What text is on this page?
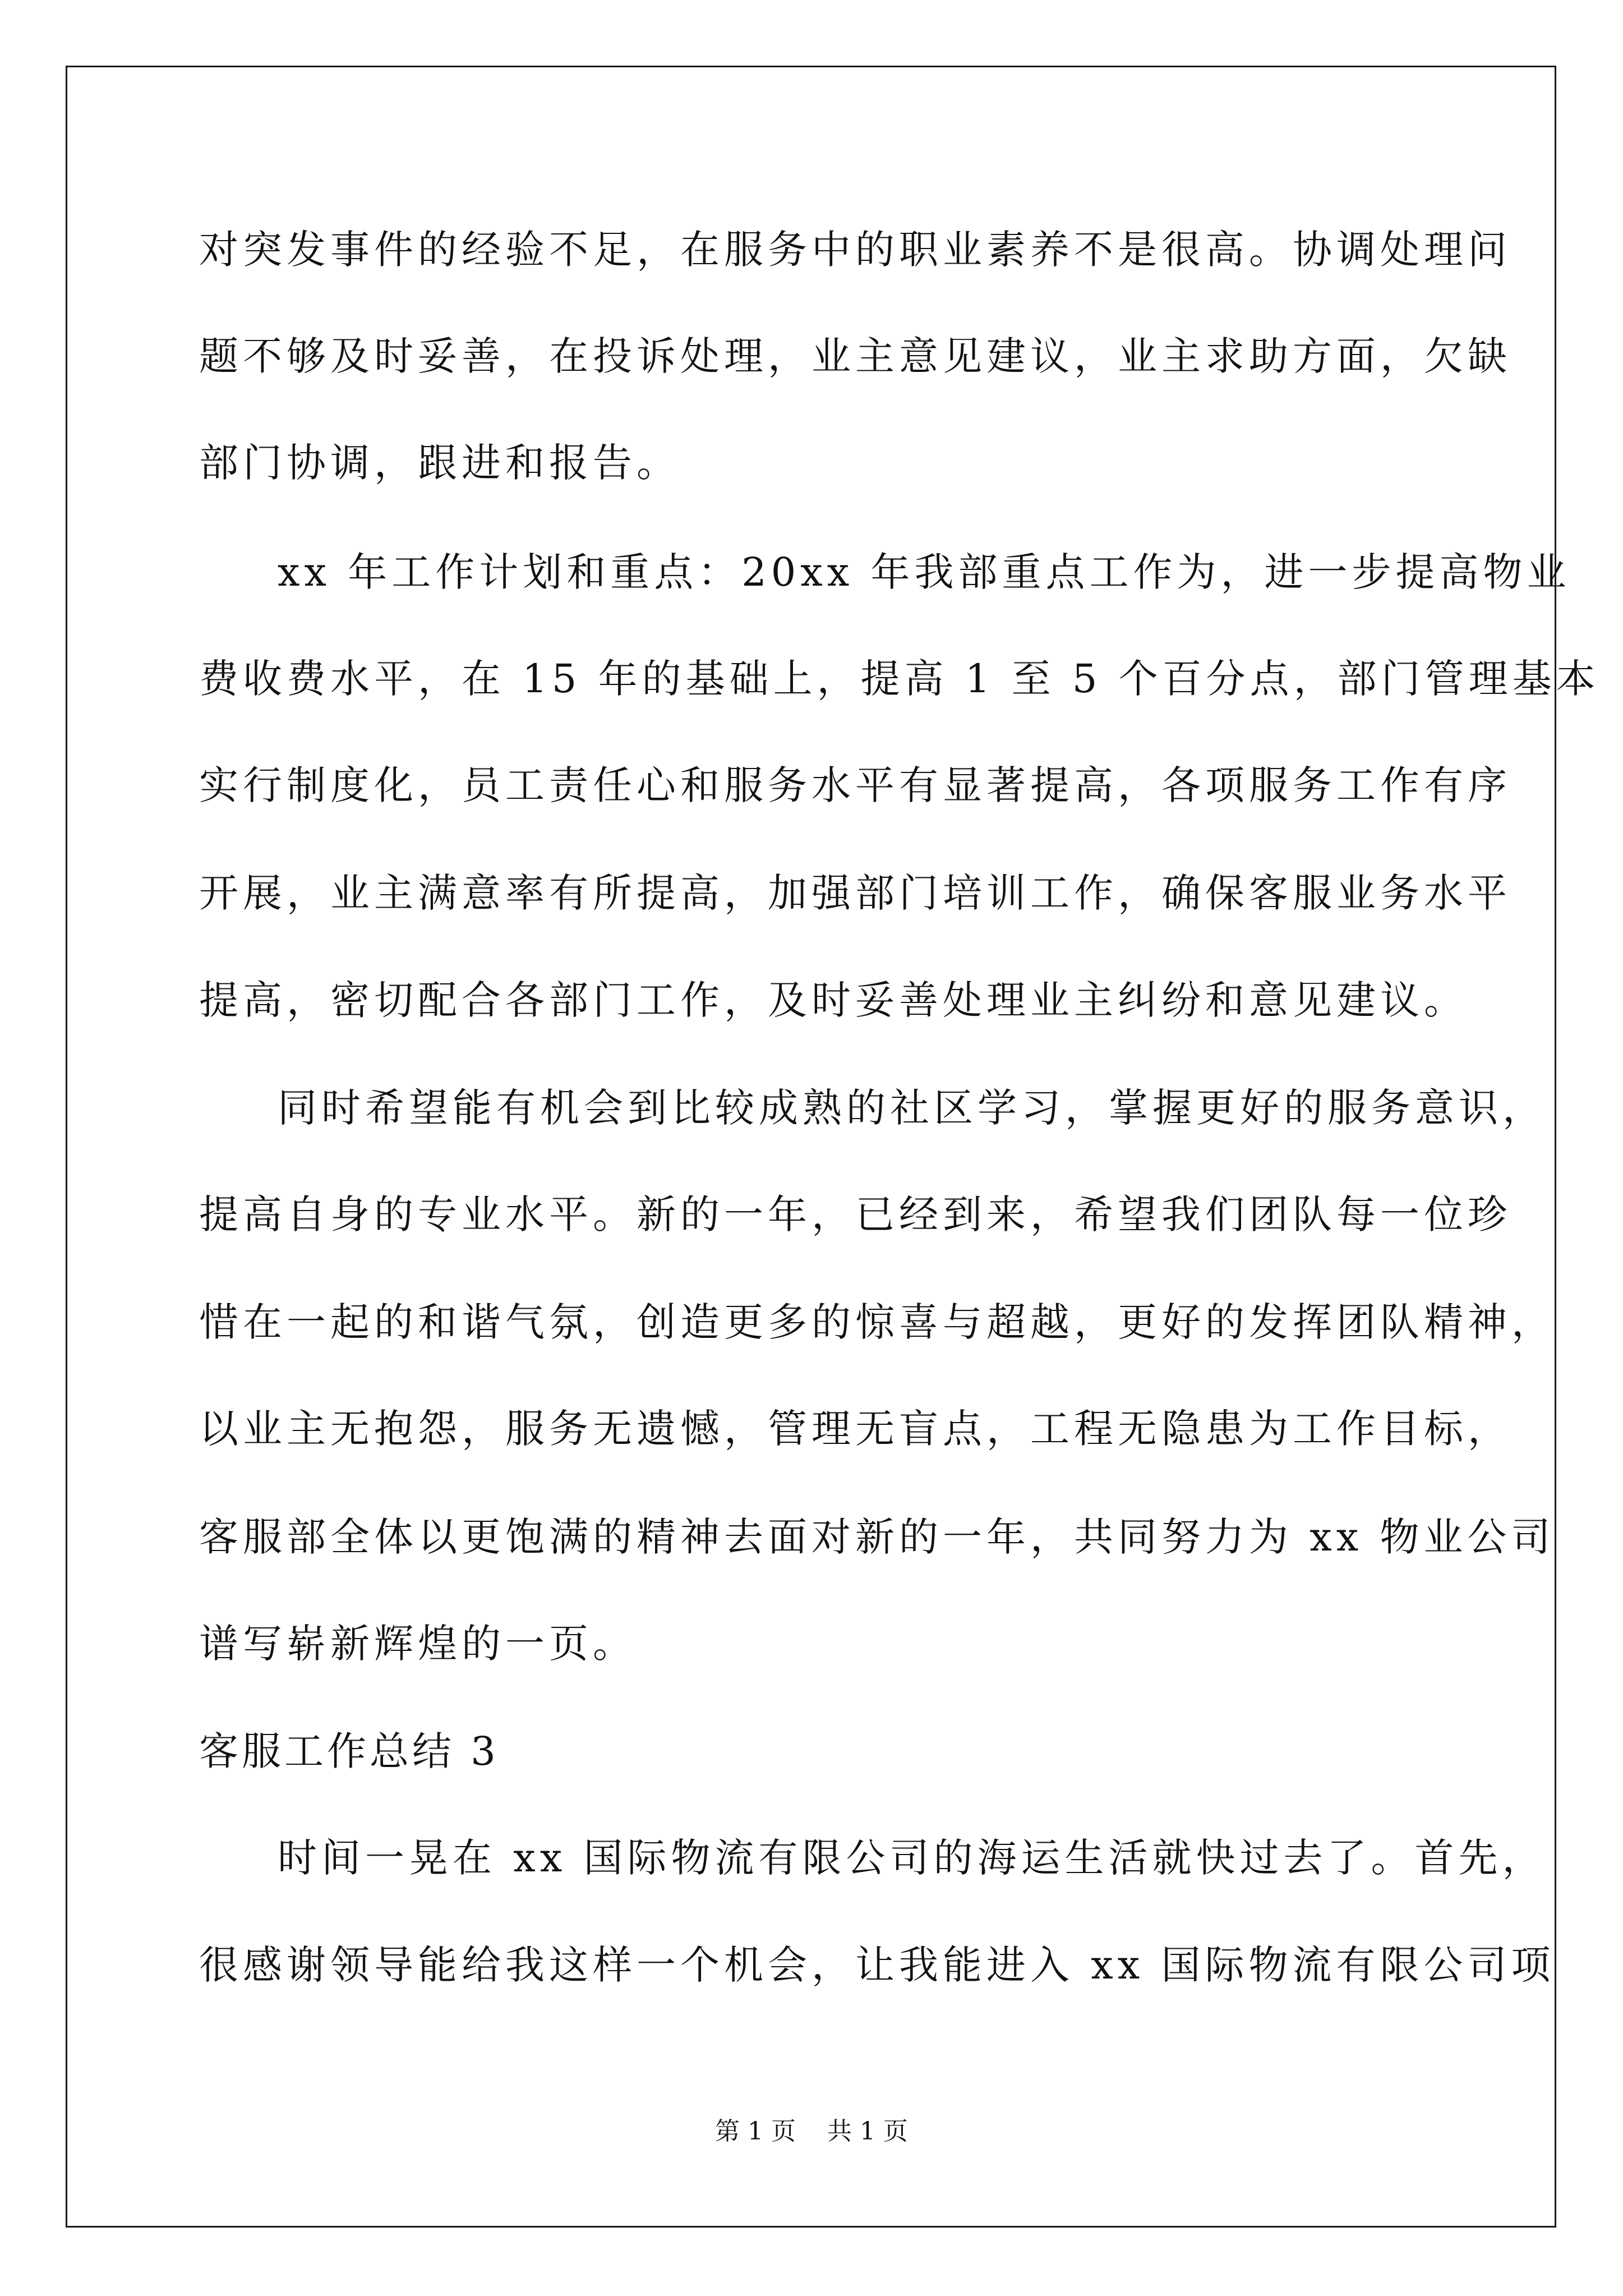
对突发事件的经验不足，在服务中的职业素养不是很高。协调处理问

题不够及时妥善，在投诉处理，业主意见建议，业主求助方面，欠缺

部门协调，跟进和报告。

xx 年工作计划和重点：20xx 年我部重点工作为，进一步提高物业

费收费水平，在 15 年的基础上，提高 1 至 5 个百分点，部门管理基本

实行制度化，员工责任心和服务水平有显著提高，各项服务工作有序

开展，业主满意率有所提高，加强部门培训工作，确保客服业务水平

提高，密切配合各部门工作，及时妥善处理业主纠纷和意见建议。

同时希望能有机会到比较成熟的社区学习，掌握更好的服务意识，

提高自身的专业水平。新的一年，已经到来，希望我们团队每一位珍

惜在一起的和谐气氛，创造更多的惊喜与超越，更好的发挥团队精神，

以业主无抱怨，服务无遗憾，管理无盲点，工程无隐患为工作目标，

客服部全体以更饱满的精神去面对新的一年，共同努力为 xx 物业公司

谱写崭新辉煌的一页。

客服工作总结 3

时间一晃在 xx 国际物流有限公司的海运生活就快过去了。首先，

很感谢领导能给我这样一个机会，让我能进入 xx 国际物流有限公司项

第 1 页    共 1 页
